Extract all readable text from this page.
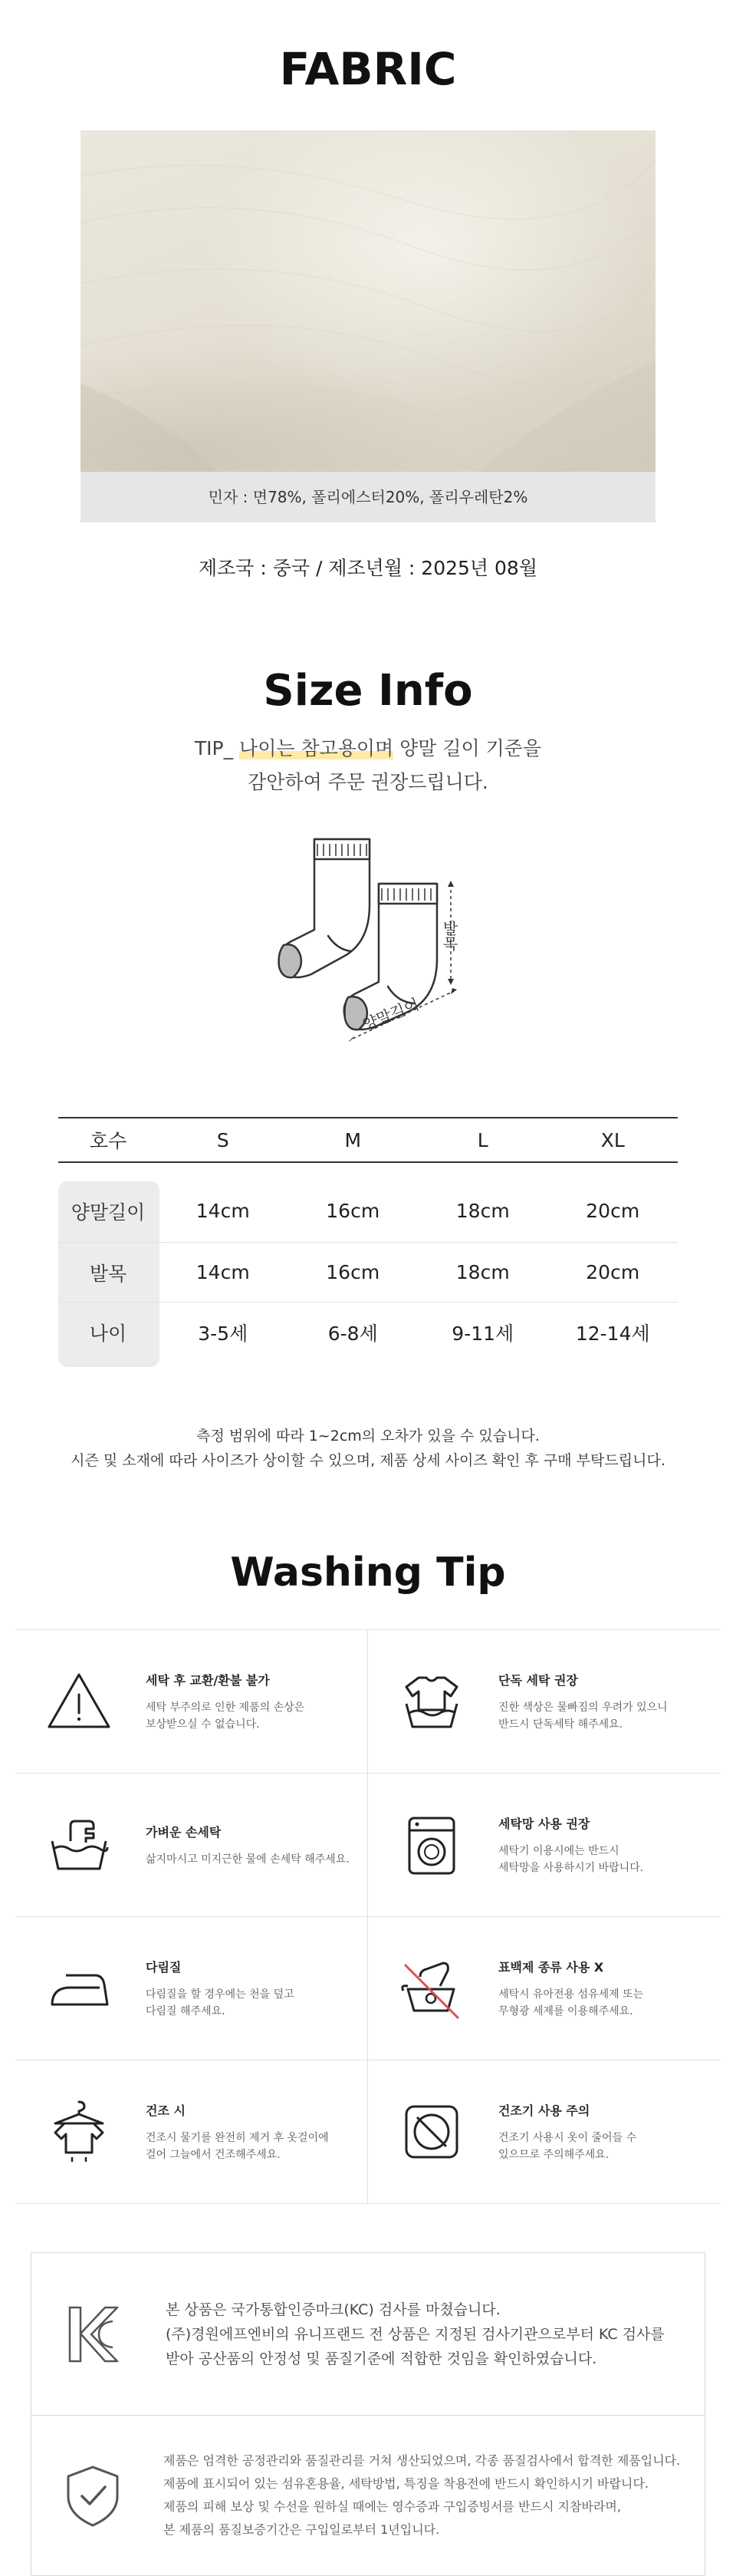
FABRIC
민자 : 면78%, 폴리에스터20%, 폴리우레탄2%
제조국 : 중국 / 제조년월 : 2025년 08월
Size Info
TIP_ 나이는 참고용이며 양말 길이 기준을
감안하여 주문 권장드립니다.
발목
양말길이
호수	S	M	L	XL
양말길이	14cm	16cm	18cm	20cm
발목	14cm	16cm	18cm	20cm
나이	3-5세	6-8세	9-11세	12-14세
측정 범위에 따라 1~2cm의 오차가 있을 수 있습니다.
시즌 및 소재에 따라 사이즈가 상이할 수 있으며, 제품 상세 사이즈 확인 후 구매 부탁드립니다.
Washing Tip
세탁 후 교환/환불 불가
세탁 부주의로 인한 제품의 손상은
보상받으실 수 없습니다.
단독 세탁 권장
진한 색상은 물빠짐의 우려가 있으니
반드시 단독세탁 해주세요.
가벼운 손세탁
삶지마시고 미지근한 물에 손세탁 해주세요.
세탁망 사용 권장
세탁기 이용시에는 반드시
세탁망을 사용하시기 바랍니다.
다림질
다림질을 할 경우에는 천을 덮고
다림질 해주세요.
표백제 종류 사용 X
세탁시 유아전용 섬유세제 또는
무형광 세제를 이용해주세요.
건조 시
건조시 물기를 완전히 제거 후 옷걸이에
걸어 그늘에서 건조해주세요.
건조기 사용 주의
건조기 사용시 옷이 줄어들 수
있으므로 주의해주세요.
본 상품은 국가통합인증마크(KC) 검사를 마쳤습니다.
(주)경원에프엔비의 유니프랜드 전 상품은 지정된 검사기관으로부터 KC 검사를
받아 공산품의 안정성 및 품질기준에 적합한 것임을 확인하였습니다.
제품은 엄격한 공정관리와 품질관리를 거쳐 생산되었으며, 각종 품질검사에서 합격한 제품입니다.
제품에 표시되어 있는 섬유혼용율, 세탁방법, 특징을 착용전에 반드시 확인하시기 바랍니다.
제품의 피해 보상 및 수선을 원하실 때에는 영수증과 구입증빙서를 반드시 지참바라며,
본 제품의 품질보증기간은 구입일로부터 1년입니다.
